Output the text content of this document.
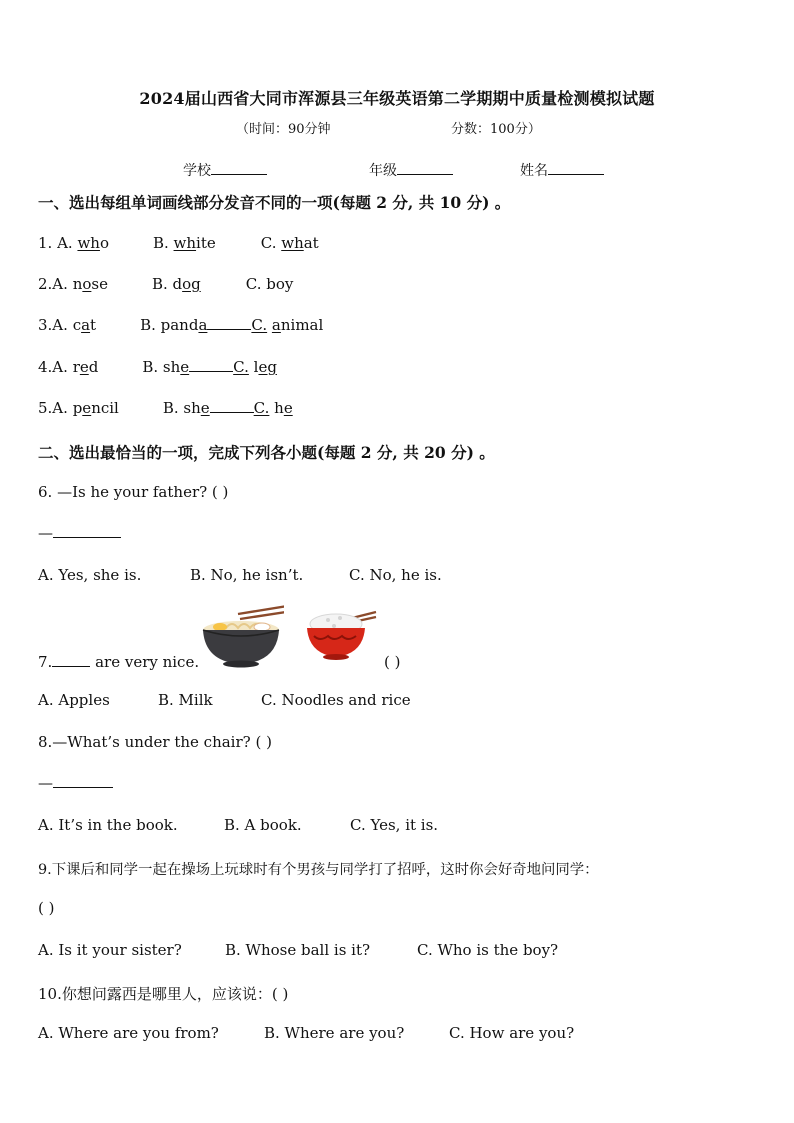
2024届山西省大同市浑源县三年级英语第二学期期中质量检测模拟试题
（时间：90分钟	分数：100分）
学校	年级	姓名
一、选出每组单词画线部分发音不同的一项(每题 2 分, 共 10 分) 。
1. A. who	B. white	C. what
2.A. nose	B. dog	C. boy
3.A. cat	B. panda	C. animal
4.A. red	B. she	C. leg
5.A. pencil	B. she	C. he
二、选出最恰当的一项，完成下列各小题(每题 2 分, 共 20 分) 。
6. —Is he your father? ( )
—
A. Yes, she is.	B. No, he isn’t.	C. No, he is.
7.	are very nice.	( )
A. Apples	B. Milk	C. Noodles and rice
8.—What’s under the chair? ( )
—
A. It’s in the book.	B. A book.	C. Yes, it is.
9.下课后和同学一起在操场上玩球时有个男孩与同学打了招呼，这时你会好奇地问同学：
( )
A. Is it your sister?	B. Whose ball is it?	C. Who is the boy?
10.你想问露西是哪里人，应该说：( )
A. Where are you from?	B. Where are you?	C. How are you?
